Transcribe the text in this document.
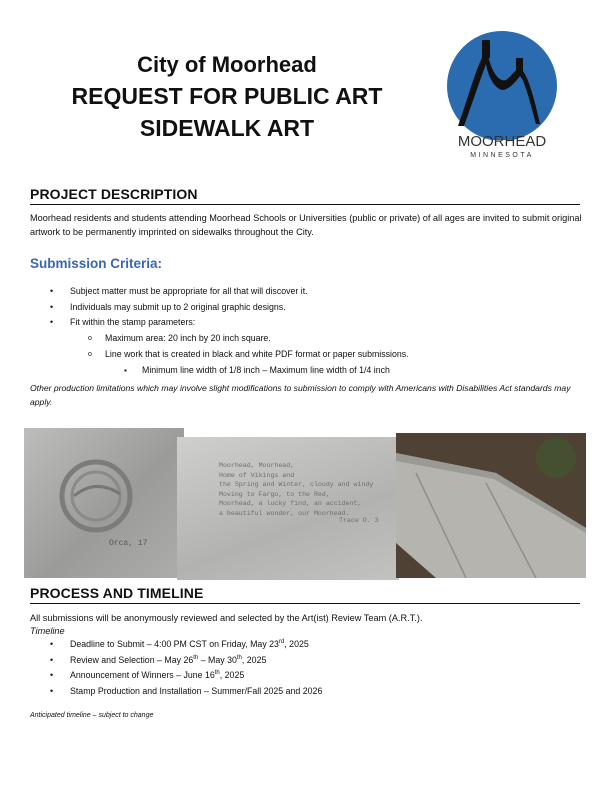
City of Moorhead
REQUEST FOR PUBLIC ART
SIDEWALK ART
MOORHEAD
MINNESOTA
PROJECT DESCRIPTION
Moorhead residents and students attending Moorhead Schools or Universities (public or private) of all ages are invited to submit original artwork to be permanently imprinted on sidewalks throughout the City.
Submission Criteria:
• Subject matter must be appropriate for all that will discover it.
• Individuals may submit up to 2 original graphic designs.
• Fit within the stamp parameters:
o Maximum area: 20 inch by 20 inch square.
o Line work that is created in black and white PDF format or paper submissions.
▪ Minimum line width of 1/8 inch – Maximum line width of 1/4 inch
Other production limitations which may involve slight modifications to submission to comply with Americans with Disabilities Act standards may apply.
Orca, 17
Moorhead, Moorhead,
Home of Vikings and
the Spring and Winter, cloudy and windy
Moving to Fargo, to the Red,
Moorhead, a lucky find, an accident,
a beautiful wonder, our Moorhead.
Trace O. 3
PROCESS AND TIMELINE
All submissions will be anonymously reviewed and selected by the Art(ist) Review Team (A.R.T.).
Timeline
• Deadline to Submit – 4:00 PM CST on Friday, May 23rd, 2025
• Review and Selection – May 26th – May 30th, 2025
• Announcement of Winners – June 16th, 2025
• Stamp Production and Installation – Summer/Fall 2025 and 2026
Anticipated timeline – subject to change
